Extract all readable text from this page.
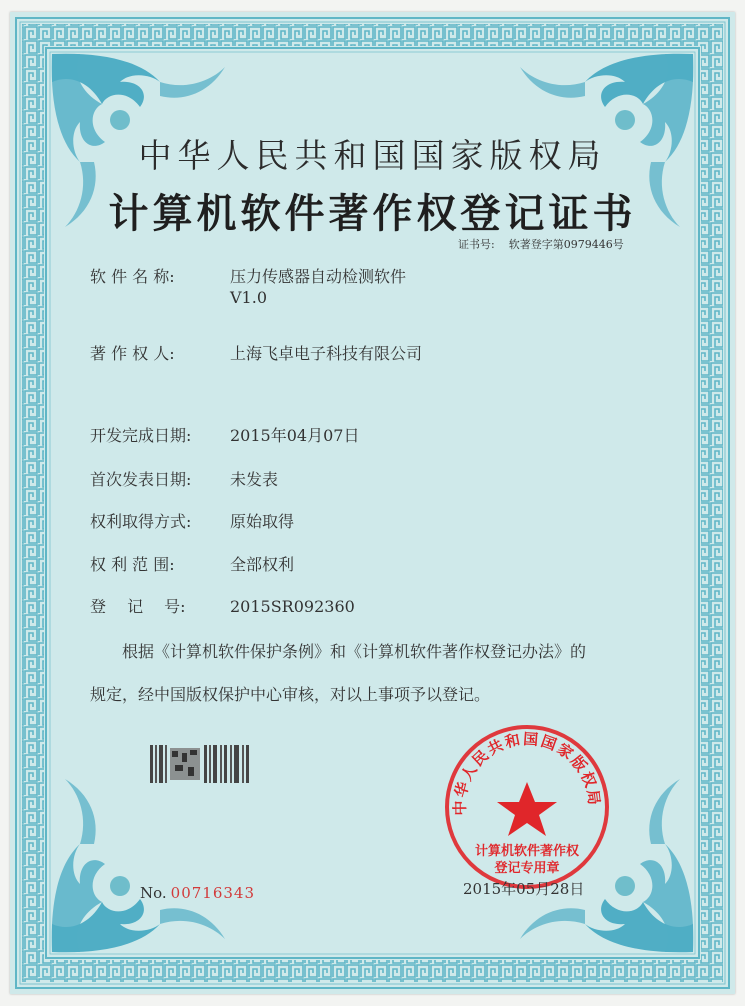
中华人民共和国国家版权局
计算机软件著作权登记证书
证书号: 软著登字第0979446号
软 件 名 称:	压力传感器自动检测软件
V1.0
著 作 权 人:	上海飞卓电子科技有限公司
开发完成日期: 2015年04月07日
首次发表日期: 未发表
权利取得方式: 原始取得
权 利 范 围:	全部权利
登　 记　 号:	2015SR092360
根据《计算机软件保护条例》和《计算机软件著作权登记办法》的
规定，经中国版权保护中心审核，对以上事项予以登记。
中华人民共和国国家版权局
计算机软件著作权
登记专用章
No. 00716343	2015年05月28日
